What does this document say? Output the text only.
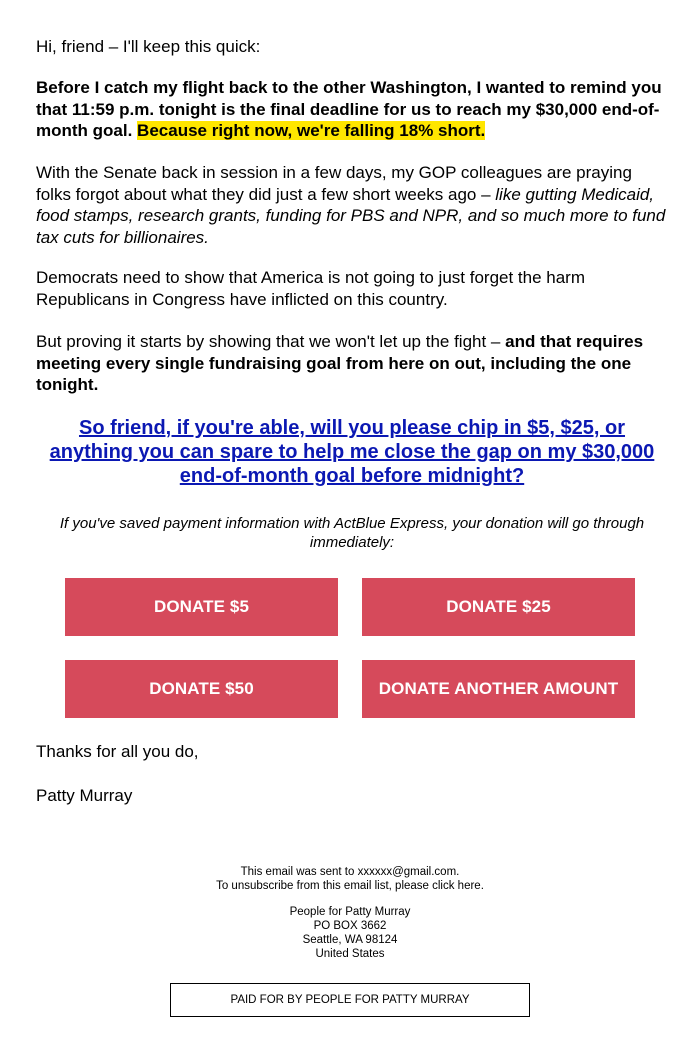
Hi, friend – I'll keep this quick:

Before I catch my flight back to the other Washington, I wanted to remind you that 11:59 p.m. tonight is the final deadline for us to reach my $30,000 end-of-month goal. Because right now, we're falling 18% short.

With the Senate back in session in a few days, my GOP colleagues are praying folks forgot about what they did just a few short weeks ago – like gutting Medicaid, food stamps, research grants, funding for PBS and NPR, and so much more to fund tax cuts for billionaires.

Democrats need to show that America is not going to just forget the harm Republicans in Congress have inflicted on this country.

But proving it starts by showing that we won't let up the fight – and that requires meeting every single fundraising goal from here on out, including the one tonight.

So friend, if you're able, will you please chip in $5, $25, or anything you can spare to help me close the gap on my $30,000 end-of-month goal before midnight?

If you've saved payment information with ActBlue Express, your donation will go through immediately:

DONATE $5	DONATE $25
DONATE $50	DONATE ANOTHER AMOUNT

Thanks for all you do,

Patty Murray

This email was sent to xxxxxx@gmail.com.
To unsubscribe from this email list, please click here.
People for Patty Murray
PO BOX 3662
Seattle, WA 98124
United States
PAID FOR BY PEOPLE FOR PATTY MURRAY
